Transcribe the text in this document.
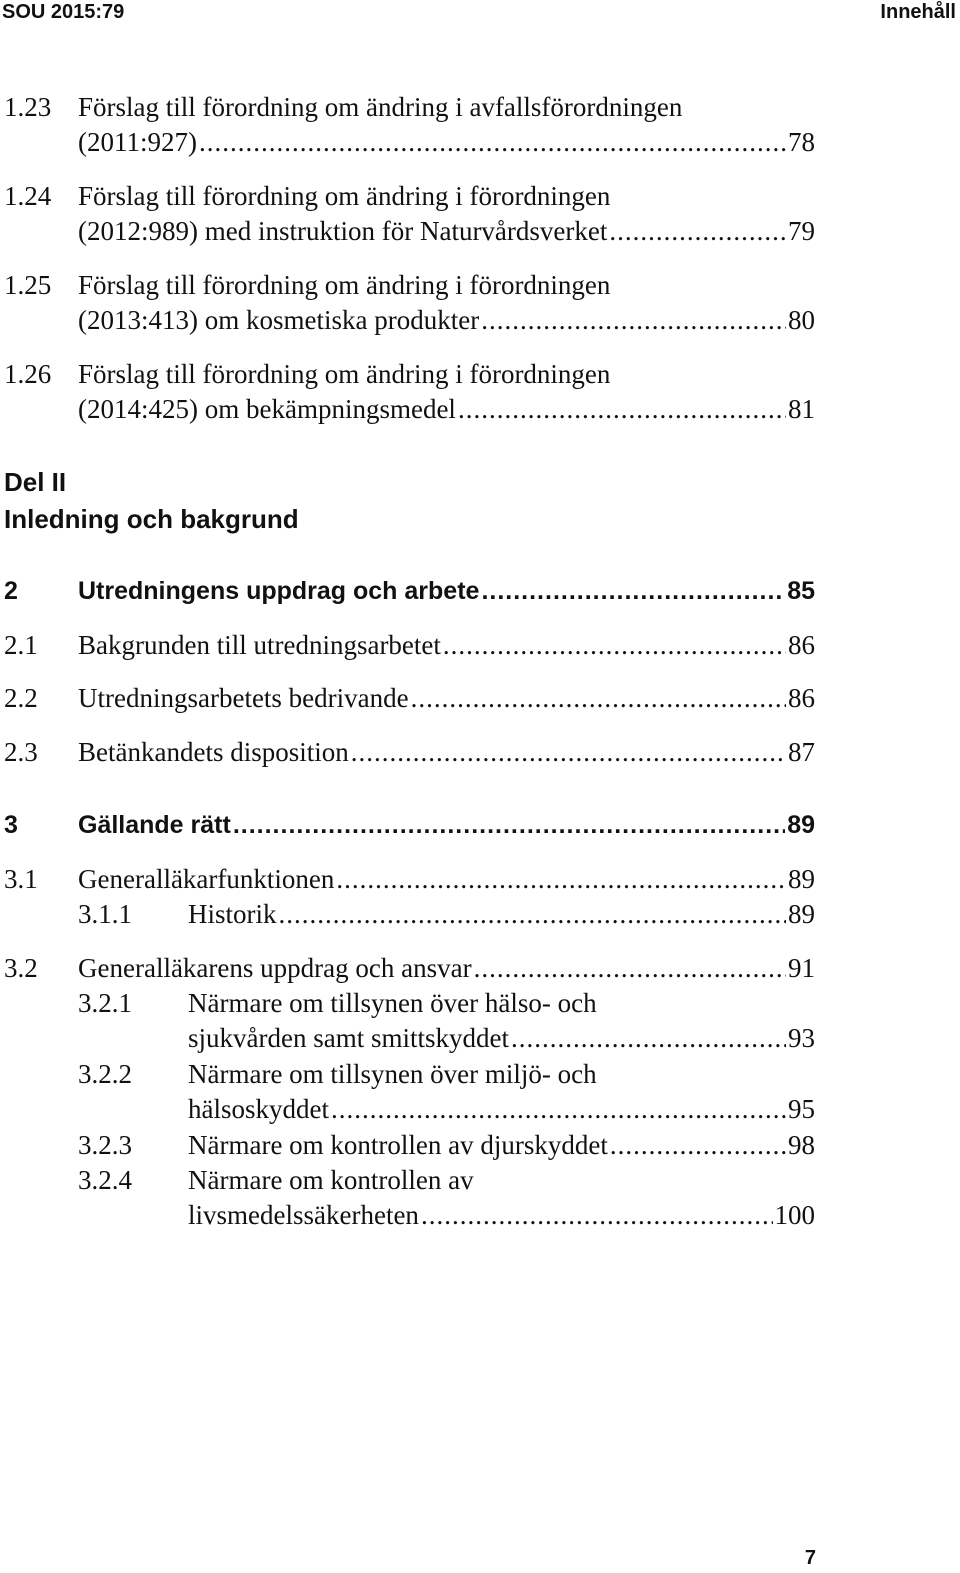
SOU 2015:79	Innehåll
1.23 Förslag till förordning om ändring i avfallsförordningen
(2011:927) .....	78
1.24 Förslag till förordning om ändring i förordningen
(2012:989) med instruktion för Naturvårdsverket .....	79
1.25 Förslag till förordning om ändring i förordningen
(2013:413) om kosmetiska produkter .....	80
1.26 Förslag till förordning om ändring i förordningen
(2014:425) om bekämpningsmedel .....	81
Del II
Inledning och bakgrund
2 Utredningens uppdrag och arbete .....	85
2.1 Bakgrunden till utredningsarbetet .....	86
2.2 Utredningsarbetets bedrivande .....	86
2.3 Betänkandets disposition .....	87
3 Gällande rätt .....	89
3.1 Generalläkarfunktionen .....	89
3.1.1 Historik .....	89
3.2 Generalläkarens uppdrag och ansvar .....	91
3.2.1 Närmare om tillsynen över hälso- och
sjukvården samt smittskyddet .....	93
3.2.2 Närmare om tillsynen över miljö- och
hälsoskyddet .....	95
3.2.3 Närmare om kontrollen av djurskyddet .....	98
3.2.4 Närmare om kontrollen av
livsmedelssäkerheten .....	100
7
